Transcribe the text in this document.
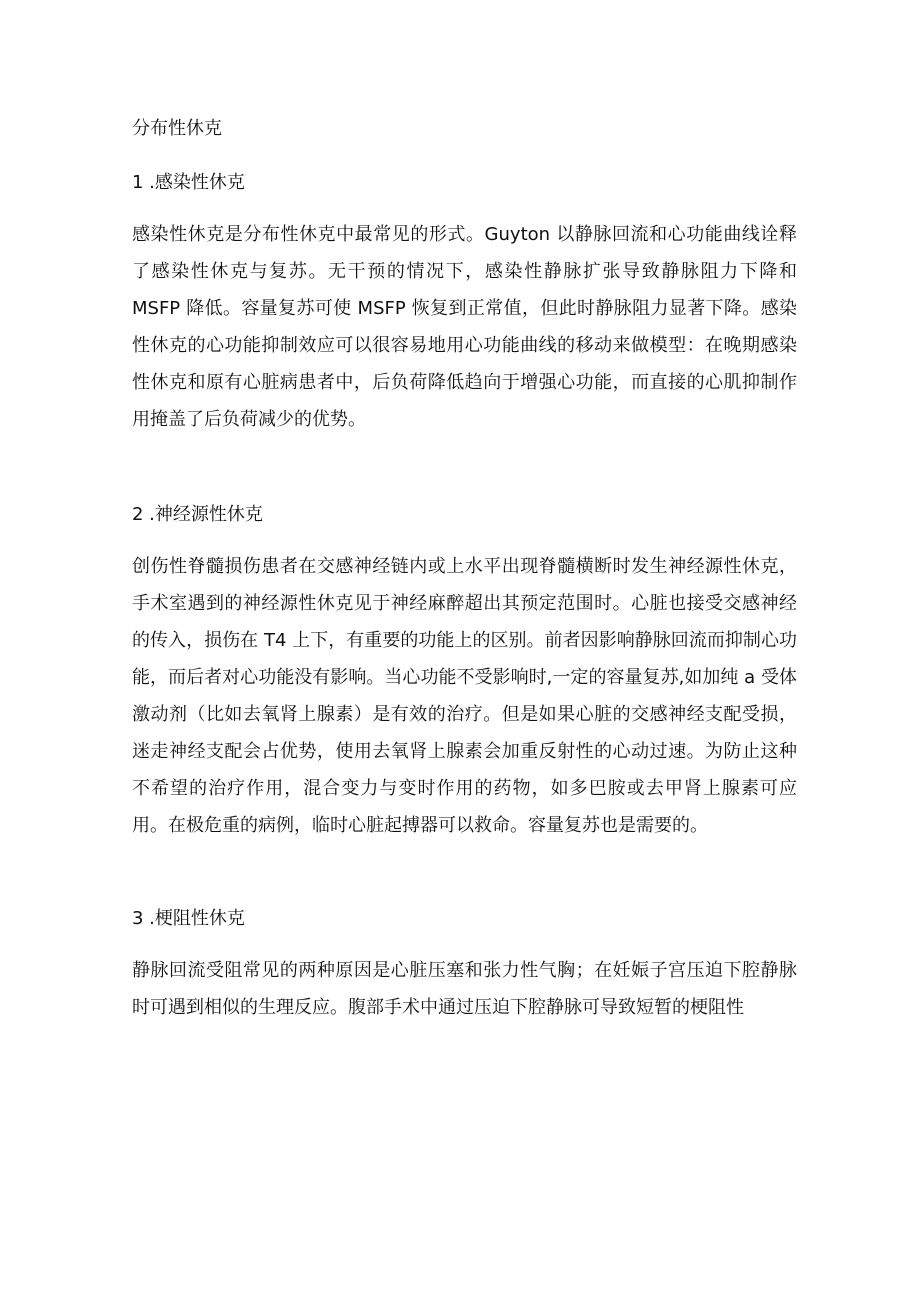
分布性休克
1 .感染性休克

感染性休克是分布性休克中最常见的形式。Guyton 以静脉回流和心功能曲线诠释了感染性休克与复苏。无干预的情况下，感染性静脉扩张导致静脉阻力下降和 MSFP 降低。容量复苏可使 MSFP 恢复到正常值，但此时静脉阻力显著下降。感染性休克的心功能抑制效应可以很容易地用心功能曲线的移动来做模型：在晚期感染性休克和原有心脏病患者中，后负荷降低趋向于增强心功能，而直接的心肌抑制作用掩盖了后负荷减少的优势。

2 .神经源性休克

创伤性脊髓损伤患者在交感神经链内或上水平出现脊髓横断时发生神经源性休克，手术室遇到的神经源性休克见于神经麻醉超出其预定范围时。心脏也接受交感神经的传入，损伤在 T4 上下，有重要的功能上的区别。前者因影响静脉回流而抑制心功能，而后者对心功能没有影响。当心功能不受影响时,一定的容量复苏,如加纯 a 受体激动剂（比如去氧肾上腺素）是有效的治疗。但是如果心脏的交感神经支配受损，迷走神经支配会占优势，使用去氧肾上腺素会加重反射性的心动过速。为防止这种不希望的治疗作用，混合变力与变时作用的药物，如多巴胺或去甲肾上腺素可应用。在极危重的病例，临时心脏起搏器可以救命。容量复苏也是需要的。

3 .梗阻性休克

静脉回流受阻常见的两种原因是心脏压塞和张力性气胸；在妊娠子宫压迫下腔静脉时可遇到相似的生理反应。腹部手术中通过压迫下腔静脉可导致短暂的梗阻性
